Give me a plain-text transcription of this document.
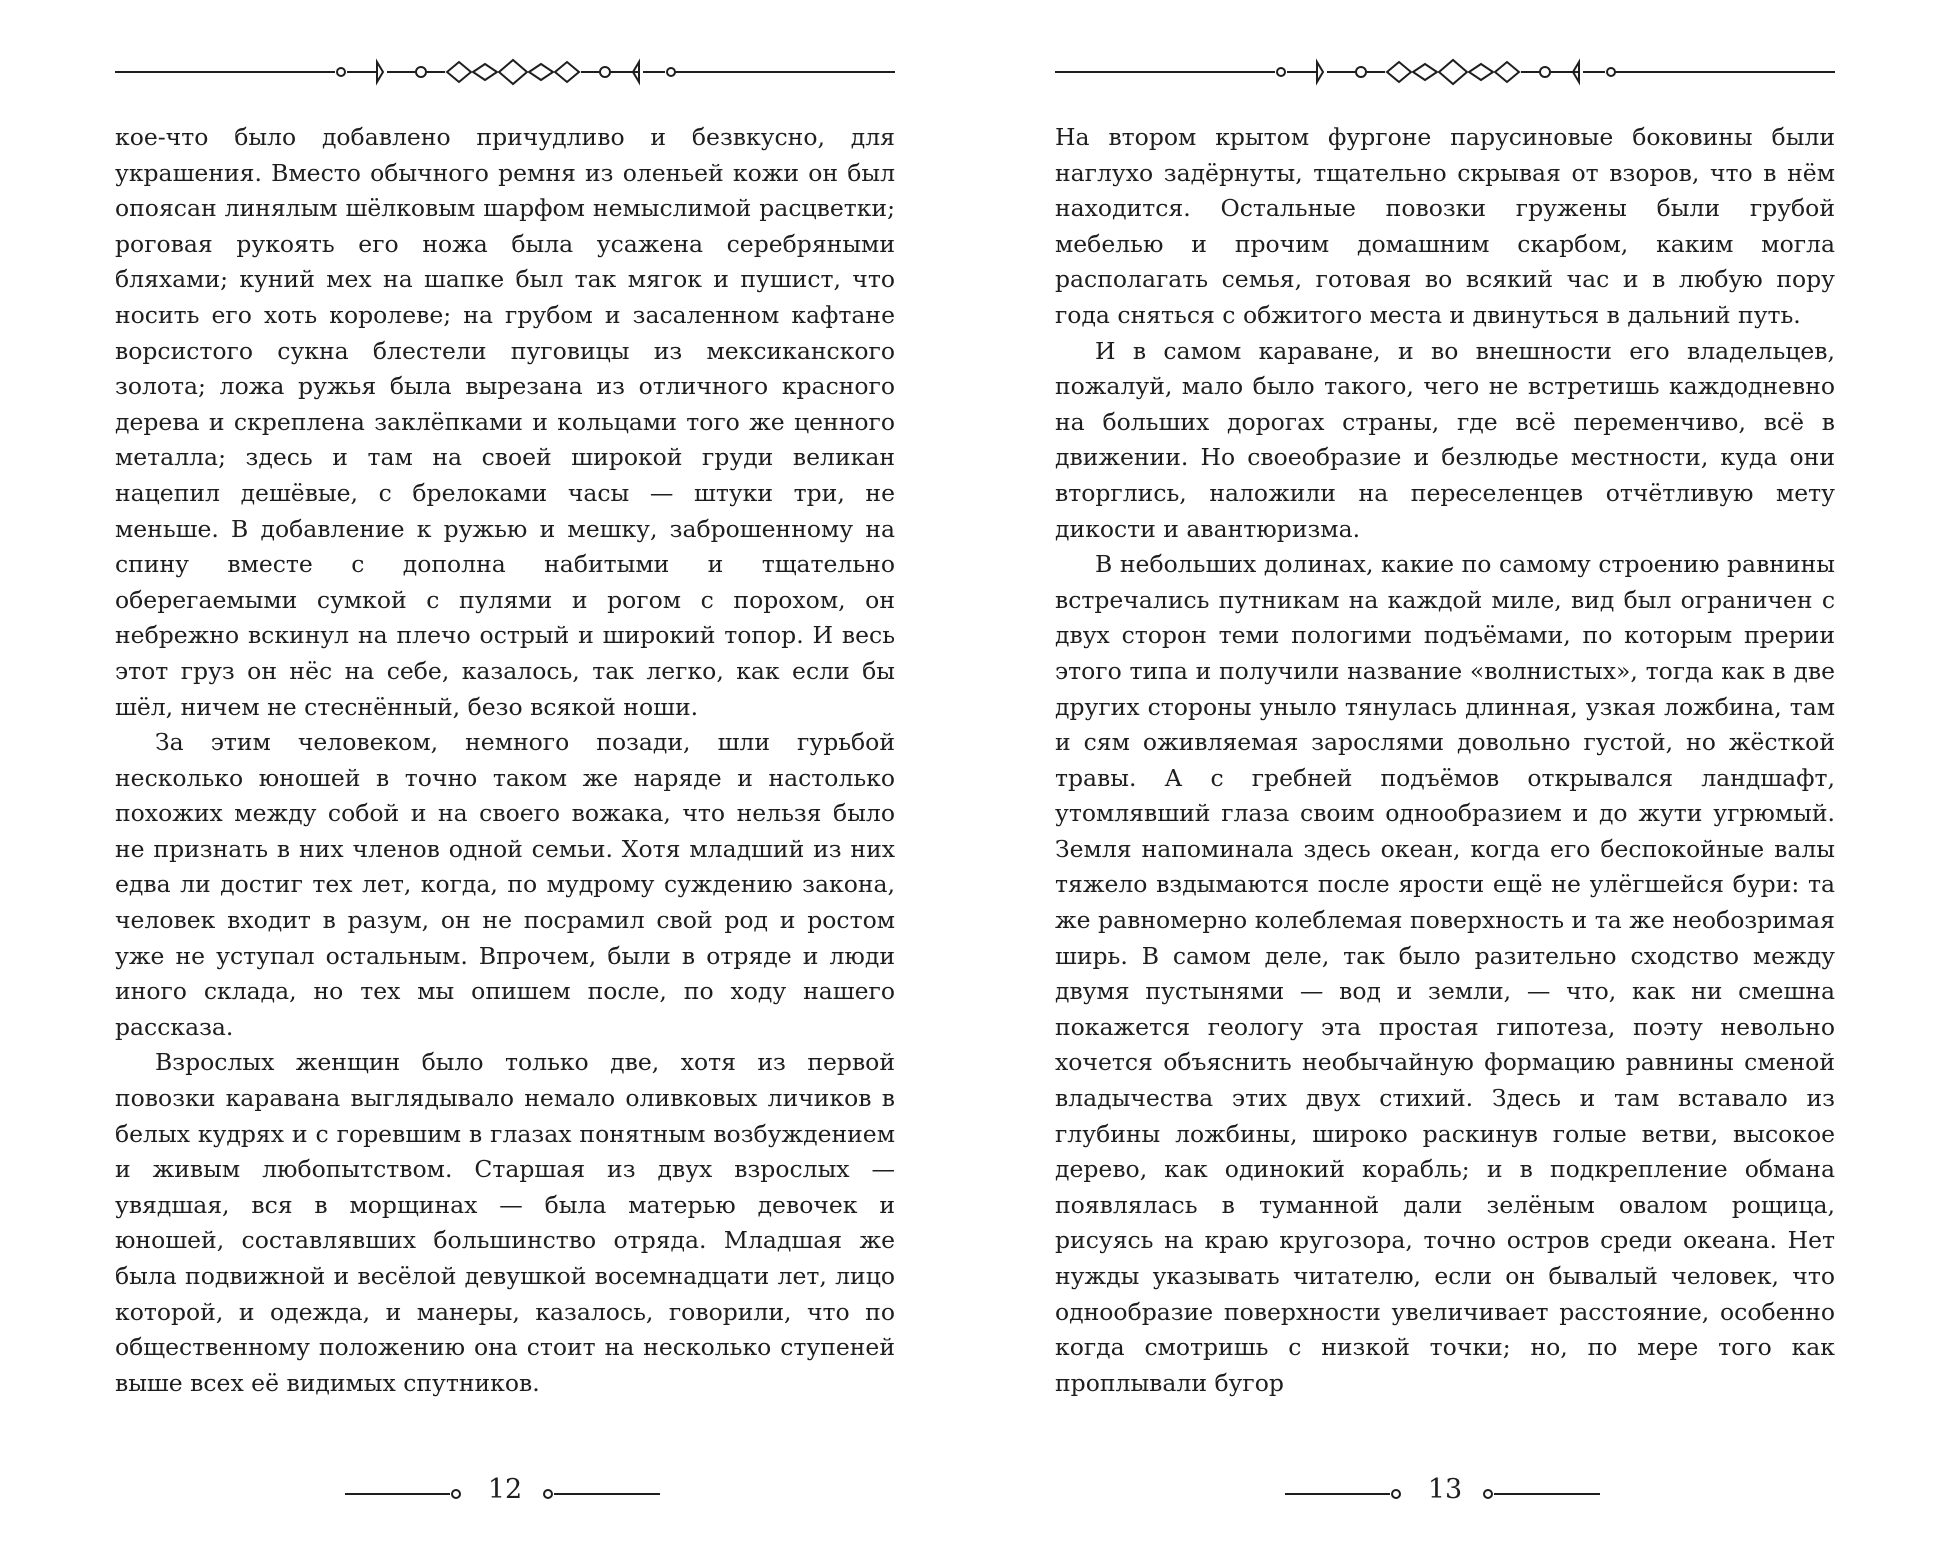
кое-что было добавлено причудливо и безвкусно, для украшения. Вместо обычного ремня из оленьей кожи он был опоясан линялым шёлковым шарфом немыслимой расцветки; роговая рукоять его ножа была усажена серебряными бляхами; куний мех на шапке был так мягок и пушист, что носить его хоть королеве; на грубом и засаленном кафтане ворсистого сукна блестели пуговицы из мексиканского золота; ложа ружья была вырезана из отличного красного дерева и скреплена заклёпками и кольцами того же ценного металла; здесь и там на своей широкой груди великан нацепил дешёвые, с брелоками часы — штуки три, не меньше. В добавление к ружью и мешку, заброшенному на спину вместе с дополна набитыми и тщательно оберегаемыми сумкой с пулями и рогом с порохом, он небрежно вскинул на плечо острый и широкий топор. И весь этот груз он нёс на себе, казалось, так легко, как если бы шёл, ничем не стеснённый, безо всякой ноши.

За этим человеком, немного позади, шли гурьбой несколько юношей в точно таком же наряде и настолько похожих между собой и на своего вожака, что нельзя было не признать в них членов одной семьи. Хотя младший из них едва ли достиг тех лет, когда, по мудрому суждению закона, человек входит в разум, он не посрамил свой род и ростом уже не уступал остальным. Впрочем, были в отряде и люди иного склада, но тех мы опишем после, по ходу нашего рассказа.

Взрослых женщин было только две, хотя из первой повозки каравана выглядывало немало оливковых личиков в белых кудрях и с горевшим в глазах понятным возбуждением и живым любопытством. Старшая из двух взрослых — увядшая, вся в морщинах — была матерью девочек и юношей, составлявших большинство отряда. Младшая же была подвижной и весёлой девушкой восемнадцати лет, лицо которой, и одежда, и манеры, казалось, говорили, что по общественному положению она стоит на несколько ступеней выше всех её видимых спутников.

12

На втором крытом фургоне парусиновые боковины были наглухо задёрнуты, тщательно скрывая от взоров, что в нём находится. Остальные повозки гружены были грубой мебелью и прочим домашним скарбом, каким могла располагать семья, готовая во всякий час и в любую пору года сняться с обжитого места и двинуться в дальний путь.

И в самом караване, и во внешности его владельцев, пожалуй, мало было такого, чего не встретишь каждодневно на больших дорогах страны, где всё переменчиво, всё в движении. Но своеобразие и безлюдье местности, куда они вторглись, наложили на переселенцев отчётливую мету дикости и авантюризма.

В небольших долинах, какие по самому строению равнины встречались путникам на каждой миле, вид был ограничен с двух сторон теми пологими подъёмами, по которым прерии этого типа и получили название «волнистых», тогда как в две других стороны уныло тянулась длинная, узкая ложбина, там и сям оживляемая зарослями довольно густой, но жёсткой травы. А с гребней подъёмов открывался ландшафт, утомлявший глаза своим однообразием и до жути угрюмый. Земля напоминала здесь океан, когда его беспокойные валы тяжело вздымаются после ярости ещё не улёгшейся бури: та же равномерно колеблемая поверхность и та же необозримая ширь. В самом деле, так было разительно сходство между двумя пустынями — вод и земли, — что, как ни смешна покажется геологу эта простая гипотеза, поэту невольно хочется объяснить необычайную формацию равнины сменой владычества этих двух стихий. Здесь и там вставало из глубины ложбины, широко раскинув голые ветви, высокое дерево, как одинокий корабль; и в подкрепление обмана появлялась в туманной дали зелёным овалом рощица, рисуясь на краю кругозора, точно остров среди океана. Нет нужды указывать читателю, если он бывалый человек, что однообразие поверхности увеличивает расстояние, особенно когда смотришь с низкой точки; но, по мере того как проплывали бугор

13
